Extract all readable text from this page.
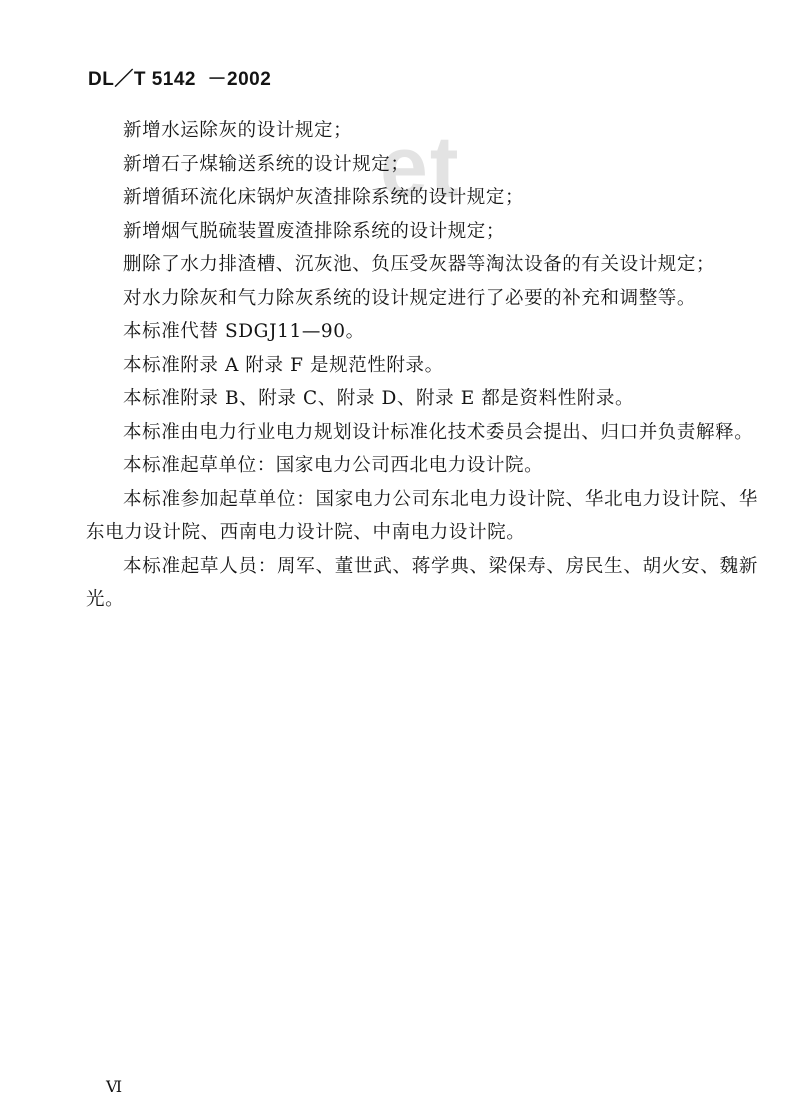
DL／T 5142  －2002
et

新增水运除灰的设计规定；

新增石子煤输送系统的设计规定；

新增循环流化床锅炉灰渣排除系统的设计规定；

新增烟气脱硫装置废渣排除系统的设计规定；

删除了水力排渣槽、沉灰池、负压受灰器等淘汰设备的有关设计规定；

对水力除灰和气力除灰系统的设计规定进行了必要的补充和调整等。

本标准代替 SDGJ11—90。

本标准附录 A 附录 F 是规范性附录。

本标准附录 B、附录 C、附录 D、附录 E 都是资料性附录。

本标准由电力行业电力规划设计标准化技术委员会提出、归口并负责解释。

本标准起草单位：国家电力公司西北电力设计院。

本标准参加起草单位：国家电力公司东北电力设计院、华北电力设计院、华东电力设计院、西南电力设计院、中南电力设计院。

本标准起草人员：周军、董世武、蒋学典、梁保寿、房民生、胡火安、魏新光。

Ⅵ
